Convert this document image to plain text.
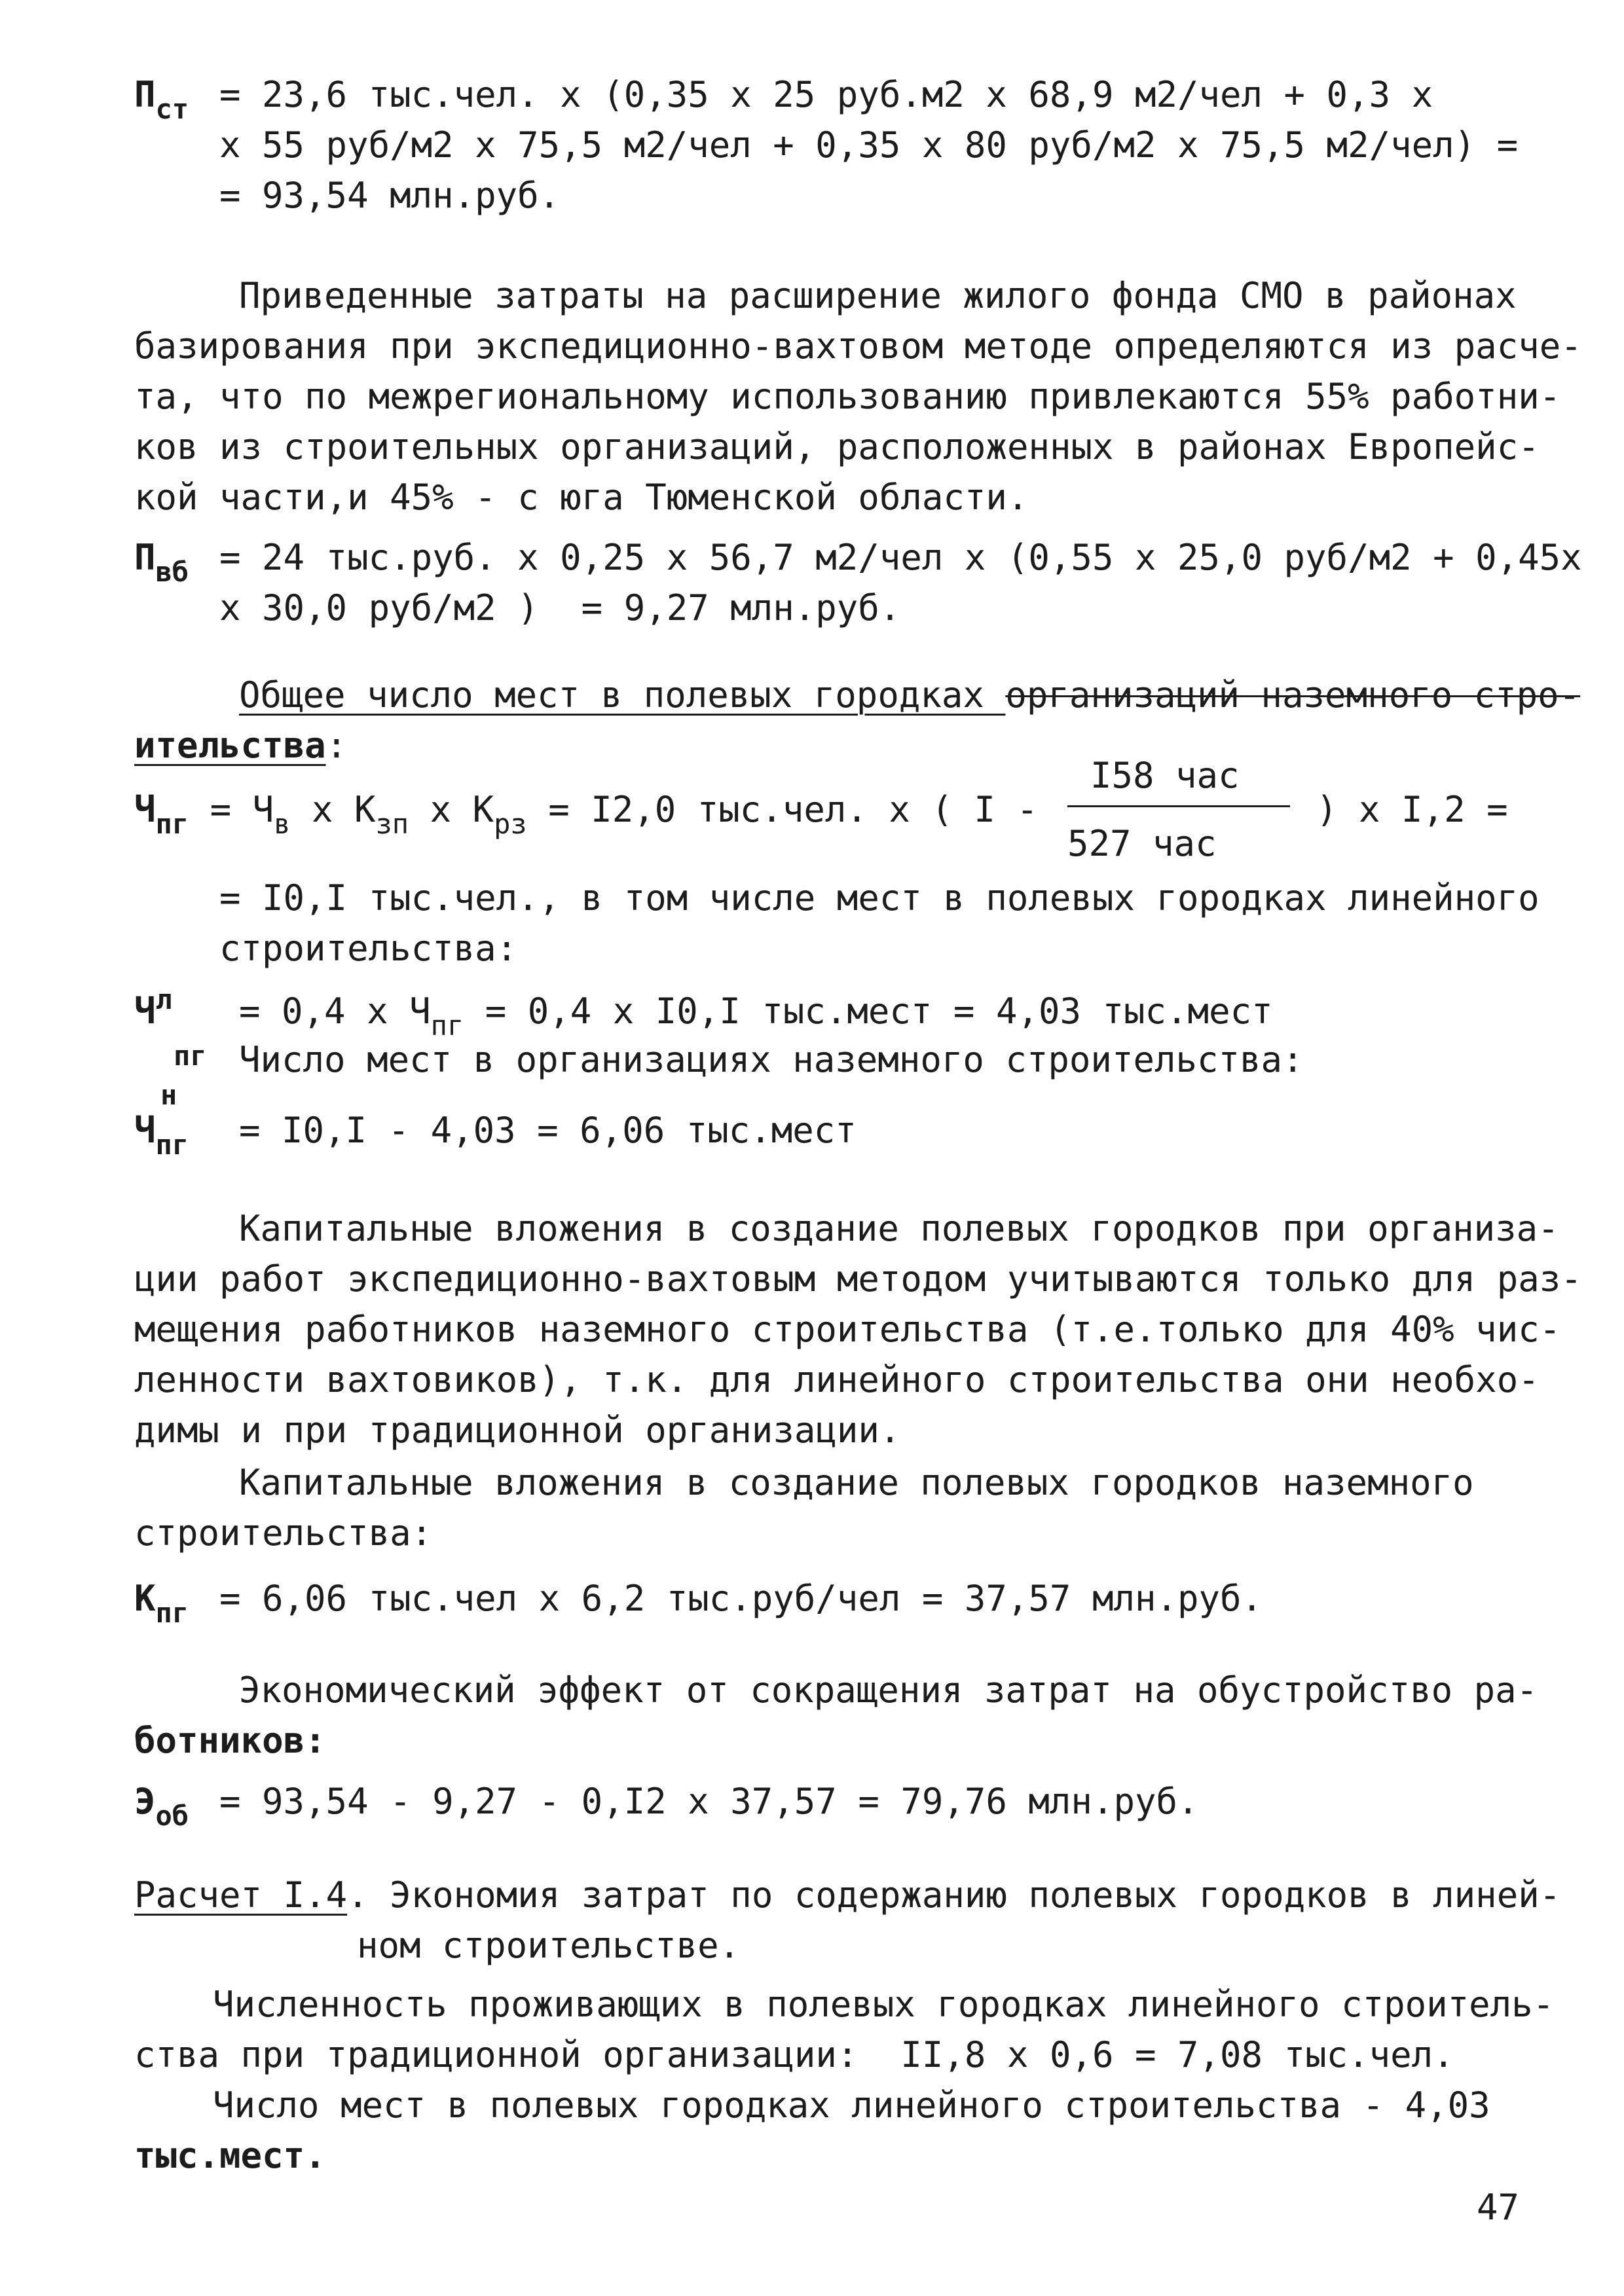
$П_{ст} = 23,6$ тыс.чел. х (0,35 х 25 руб.м2 х 68,9 м2/чел + 0,3 х
х 55 руб/м2 х 75,5 м2/чел + 0,35 х 80 руб/м2 х 75,5 м2/чел) =
= 93,54 млн.руб.
Приведенные затраты на расширение жилого фонда СМО в районах
базирования при экспедиционно-вахтовом методе определяются из расче-
та, что по межрегиональному использованию привлекаются 55% работни-
ков из строительных организаций, расположенных в районах Европейс-
кой части,и 45% - с юга Тюменской области.
$П_{вб} = 24$ тыс.руб. х 0,25 х 56,7 м2/чел х (0,55 х 25,0 руб/м2 + 0,45х
х 30,0 руб/м2 )  = 9,27 млн.руб.
Общее число мест в полевых городках организаций наземного стро-
ительства:
I58 час
527 час
$Ч_{пг} = Ч_в$ х $К_{зп}$ х $К_{рз} = I2,0$ тыс.чел. х ( I -	) х I,2 =
= I0,I тыс.чел., в том числе мест в полевых городках линейного
строительства:
$Ч^л = 0,4$ х $Ч_{пг} = 0,4$ х I0,I тыс.мест = 4,03 тыс.мест
пг Число мест в организациях наземного строительства:
н
$Ч_{пг} = I0,I - 4,03 = 6,06$ тыс.мест
Капитальные вложения в создание полевых городков при организа-
ции работ экспедиционно-вахтовым методом учитываются только для раз-
мещения работников наземного строительства (т.е.только для 40% чис-
ленности вахтовиков), т.к. для линейного строительства они необхо-
димы и при традиционной организации.
Капитальные вложения в создание полевых городков наземного
строительства:
$К_{пг} = 6,06$ тыс.чел х 6,2 тыс.руб/чел = 37,57 млн.руб.
Экономический эффект от сокращения затрат на обустройство ра-
ботников:
$Э_{об} = 93,54 - 9,27 - 0,I2$ х 37,57 = 79,76 млн.руб.
Расчет I.4. Экономия затрат по содержанию полевых городков в линей-
ном строительстве.
Численность проживающих в полевых городках линейного строитель-
ства при традиционной организации:  II,8 х 0,6 = 7,08 тыс.чел.
Число мест в полевых городках линейного строительства - 4,03
тыс.мест.
47
